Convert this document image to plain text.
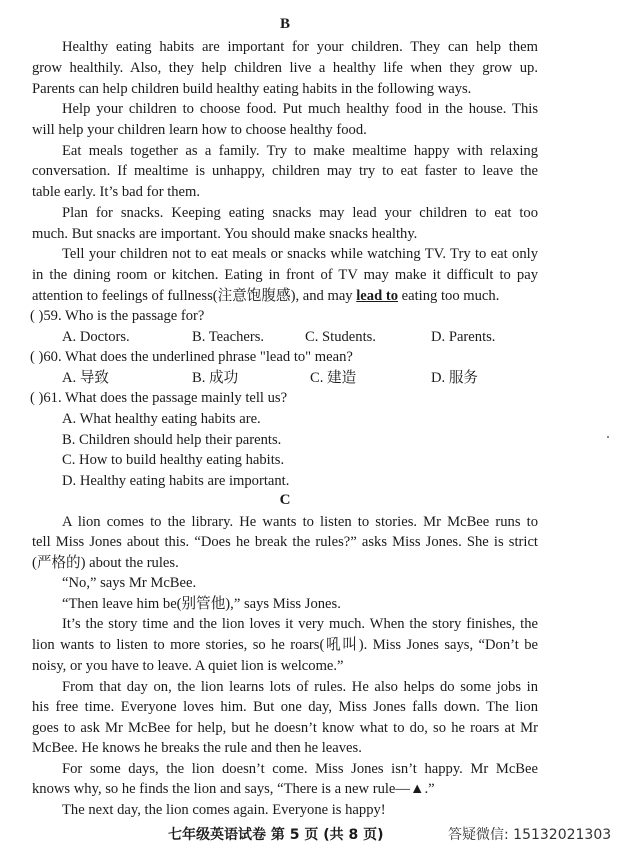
B
Healthy eating habits are important for your children. They can help them
grow healthily. Also, they help children live a healthy life when they grow up.
Parents can help children build healthy eating habits in the following ways.
Help your children to choose food. Put much healthy food in the house. This
will help your children learn how to choose healthy food.
Eat meals together as a family. Try to make mealtime happy with relaxing
conversation. If mealtime is unhappy, children may try to eat faster to leave the
table early. It’s bad for them.
Plan for snacks. Keeping eating snacks may lead your children to eat too
much. But snacks are important. You should make snacks healthy.
Tell your children not to eat meals or snacks while watching TV. Try to eat only
in the dining room or kitchen. Eating in front of TV may make it difficult to pay
attention to feelings of fullness(注意饱腹感), and may lead to eating too much.
( )59. Who is the passage for?
A. Doctors.	B. Teachers.	C. Students.	D. Parents.
( )60. What does the underlined phrase "lead to" mean?
A. 导致	B. 成功	C. 建造	D. 服务
( )61. What does the passage mainly tell us?
A. What healthy eating habits are.
B. Children should help their parents.
C. How to build healthy eating habits.
D. Healthy eating habits are important.
C
A lion comes to the library. He wants to listen to stories. Mr McBee runs to
tell Miss Jones about this. “Does he break the rules?” asks Miss Jones. She is strict
(严格的) about the rules.
“No,” says Mr McBee.
“Then leave him be(别管他),” says Miss Jones.
It’s the story time and the lion loves it very much. When the story finishes, the
lion wants to listen to more stories, so he roars(吼叫). Miss Jones says, “Don’t be
noisy, or you have to leave. A quiet lion is welcome.”
From that day on, the lion learns lots of rules. He also helps do some jobs in
his free time. Everyone loves him. But one day, Miss Jones falls down. The lion
goes to ask Mr McBee for help, but he doesn’t know what to do, so he roars at Mr
McBee. He knows he breaks the rule and then he leaves.
For some days, the lion doesn’t come. Miss Jones isn’t happy. Mr McBee
knows why, so he finds the lion and says, “There is a new rule—▲.”
The next day, the lion comes again. Everyone is happy!
七年级英语试卷 第 5 页 (共 8 页)	答疑微信: 15132021303
